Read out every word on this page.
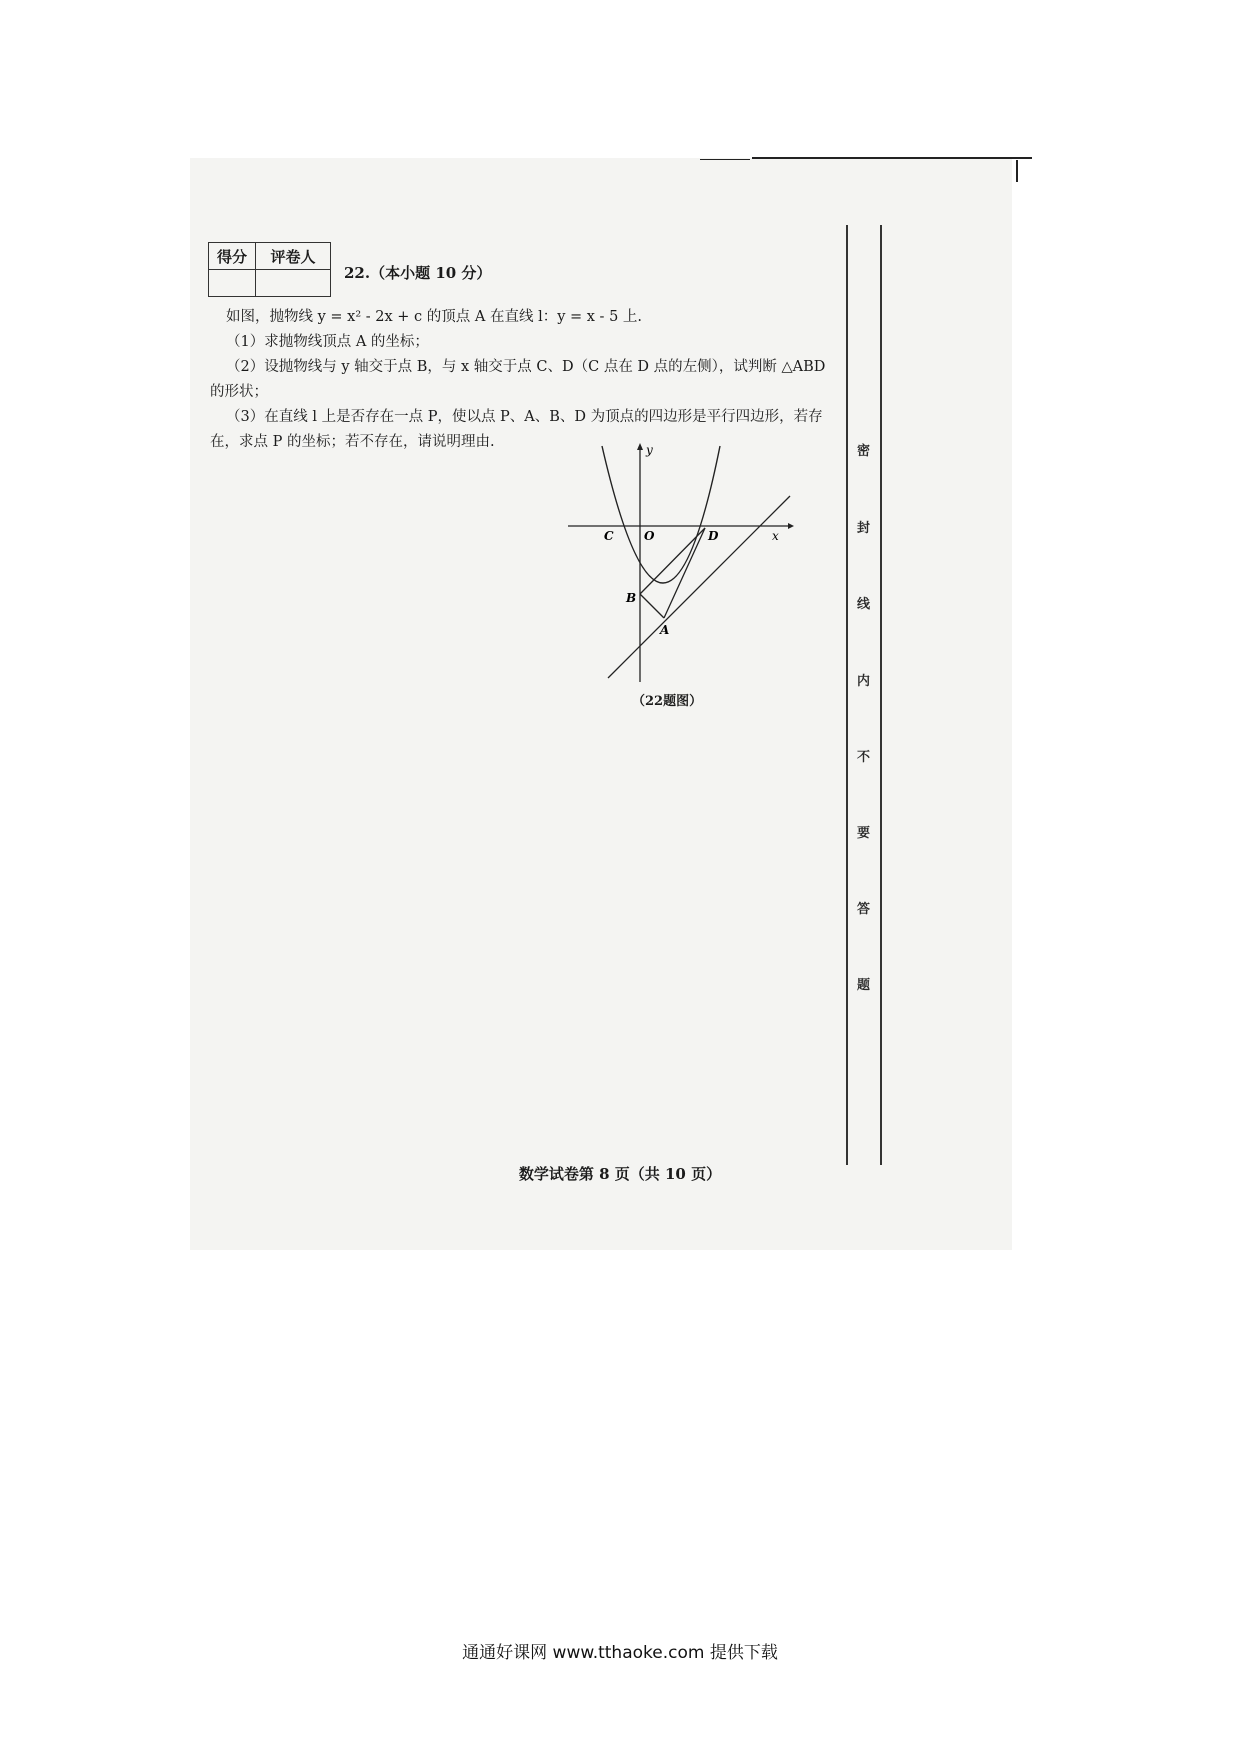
得分	评卷人

22.（本小题 10 分）
如图，抛物线 y = x² - 2x + c 的顶点 A 在直线 l：y = x - 5 上.
（1）求抛物线顶点 A 的坐标；
（2）设抛物线与 y 轴交于点 B，与 x 轴交于点 C、D（C 点在 D 点的左侧），试判断 △ABD
的形状；
（3）在直线 l 上是否存在一点 P，使以点 P、A、B、D 为顶点的四边形是平行四边形，若存
在，求点 P 的坐标；若不存在，请说明理由.	y
x
C	O	D
B
A
（22题图）
密
封
线
内
不
要
答
题
数学试卷第 8 页（共 10 页）
通通好课网 www.tthaoke.com 提供下载
